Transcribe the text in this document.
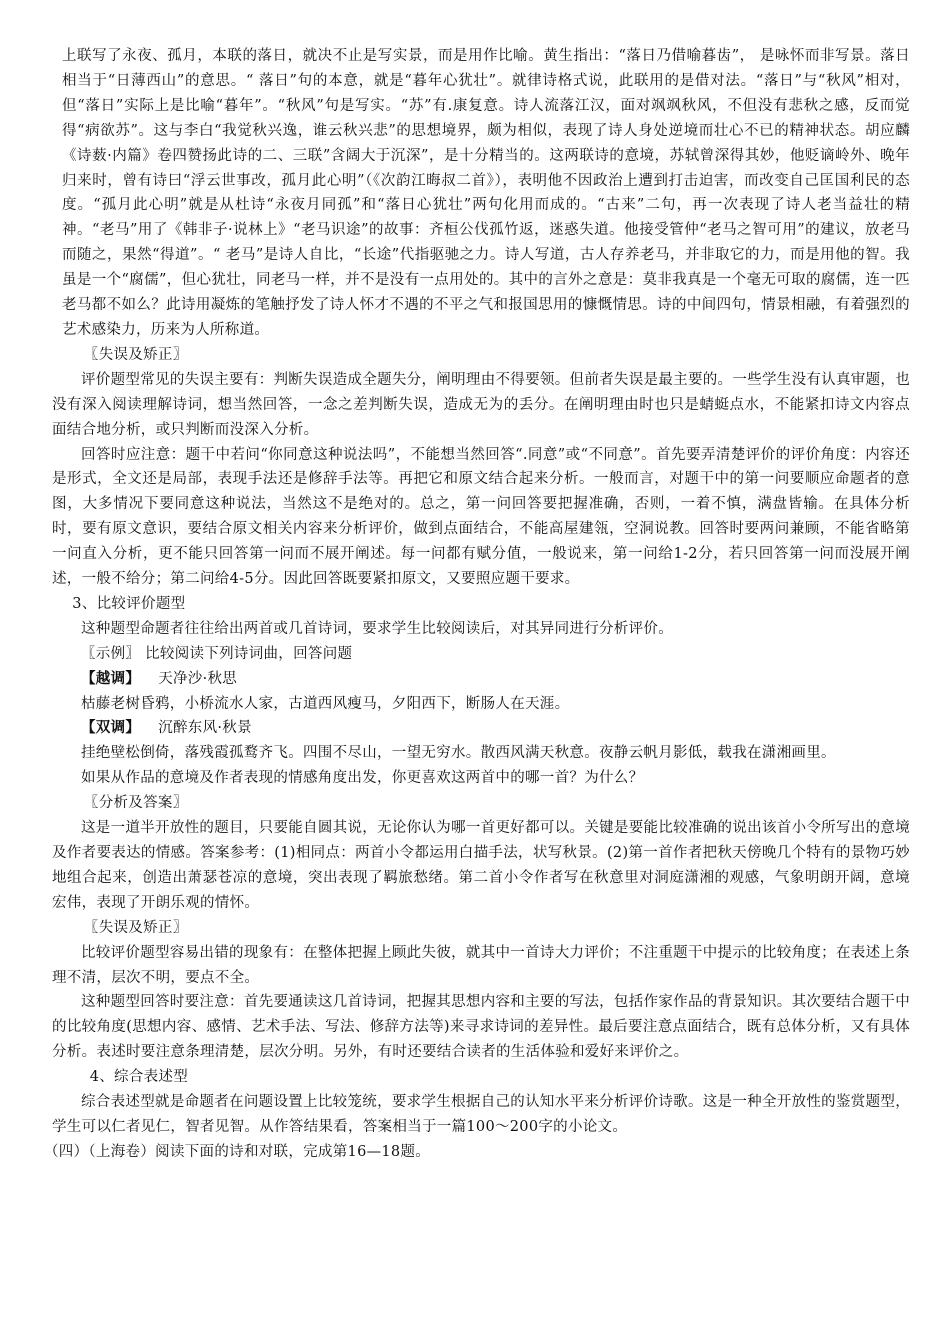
上联写了永夜、孤月，本联的落日，就决不止是写实景，而是用作比喻。黄生指出：“落日乃借喻暮齿”， 是咏怀而非写景。落日相当于“日薄西山”的意思。“ 落日”句的本意，就是“暮年心犹壮”。就律诗格式说，此联用的是借对法。“落日”与“秋风”相对， 但“落日”实际上是比喻“暮年”。“秋风”句是写实。“苏”有.康复意。诗人流落江汉，面对飒飒秋风，不但没有悲秋之感，反而觉得“病欲苏”。这与李白“我觉秋兴逸，谁云秋兴悲”的思想境界，颇为相似，表现了诗人身处逆境而壮心不已的精神状态。胡应麟《诗薮·内篇》卷四赞扬此诗的二、三联”含阔大于沉深”，是十分精当的。这两联诗的意境，苏轼曾深得其妙，他贬谪岭外、晚年归来时，曾有诗曰“浮云世事改，孤月此心明”（《次韵江晦叔二首》），表明他不因政治上遭到打击迫害，而改变自己匡国利民的态度。“孤月此心明”就是从杜诗“永夜月同孤”和“落日心犹壮”两句化用而成的。“古来”二句，再一次表现了诗人老当益壮的精神。“老马”用了《韩非子·说林上》“老马识途”的故事：齐桓公伐孤竹返，迷惑失道。他接受管仲“老马之智可用”的建议，放老马而随之，果然“得道”。“ 老马”是诗人自比，“长途”代指驱驰之力。诗人写道，古人存养老马，并非取它的力，而是用他的智。我虽是一个“腐儒”，但心犹壮，同老马一样，并不是没有一点用处的。其中的言外之意是：莫非我真是一个毫无可取的腐儒，连一匹老马都不如么？此诗用凝炼的笔触抒发了诗人怀才不遇的不平之气和报国思用的慷慨情思。诗的中间四句，情景相融，有着强烈的艺术感染力，历来为人所称道。

〖失误及矫正〗

评价题型常见的失误主要有：判断失误造成全题失分，阐明理由不得要领。但前者失误是最主要的。一些学生没有认真审题，也没有深入阅读理解诗词，想当然回答，一念之差判断失误，造成无为的丢分。在阐明理由时也只是蜻蜓点水，不能紧扣诗文内容点面结合地分析，或只判断而没深入分析。

回答时应注意：题干中若问“你同意这种说法吗”，不能想当然回答“.同意”或“不同意”。首先要弄清楚评价的评价角度：内容还是形式，全文还是局部，表现手法还是修辞手法等。再把它和原文结合起来分析。一般而言，对题干中的第一问要顺应命题者的意图，大多情况下要同意这种说法，当然这不是绝对的。总之，第一问回答要把握准确，否则，一着不慎，满盘皆输。在具体分析时，要有原文意识，要结合原文相关内容来分析评价，做到点面结合，不能高屋建瓴，空洞说教。回答时要两问兼顾，不能省略第一问直入分析，更不能只回答第一问而不展开阐述。每一问都有赋分值，一般说来，第一问给1-2分，若只回答第一问而没展开阐述，一般不给分；第二问给4-5分。因此回答既要紧扣原文，又要照应题干要求。

3、比较评价题型

这种题型命题者往往给出两首或几首诗词，要求学生比较阅读后，对其异同进行分析评价。

〖示例〗 比较阅读下列诗词曲，回答问题

【越调】 天净沙·秋思

枯藤老树昏鸦，小桥流水人家，古道西风瘦马，夕阳西下，断肠人在天涯。

【双调】 沉醉东风·秋景

挂绝壁松倒倚，落残霞孤鹜齐飞。四围不尽山，一望无穷水。散西风满天秋意。夜静云帆月影低，载我在潇湘画里。

如果从作品的意境及作者表现的情感角度出发，你更喜欢这两首中的哪一首？为什么？

〖分析及答案〗

这是一道半开放性的题目，只要能自圆其说，无论你认为哪一首更好都可以。关键是要能比较准确的说出该首小令所写出的意境及作者要表达的情感。答案参考：(1)相同点：两首小令都运用白描手法，状写秋景。(2)第一首作者把秋天傍晚几个特有的景物巧妙地组合起来，创造出萧瑟苍凉的意境，突出表现了羁旅愁绪。第二首小令作者写在秋意里对洞庭潇湘的观感，气象明朗开阔，意境宏伟，表现了开朗乐观的情怀。

〖失误及矫正〗

比较评价题型容易出错的现象有：在整体把握上顾此失彼，就其中一首诗大力评价；不注重题干中提示的比较角度；在表述上条理不清，层次不明，要点不全。

这种题型回答时要注意：首先要通读这几首诗词，把握其思想内容和主要的写法，包括作家作品的背景知识。其次要结合题干中的比较角度(思想内容、感情、艺术手法、写法、修辞方法等)来寻求诗词的差异性。最后要注意点面结合，既有总体分析，又有具体分析。表述时要注意条理清楚，层次分明。另外，有时还要结合读者的生活体验和爱好来评价之。

4、综合表述型

综合表述型就是命题者在问题设置上比较笼统，要求学生根据自己的认知水平来分析评价诗歌。这是一种全开放性的鉴赏题型，学生可以仁者见仁，智者见智。从作答结果看，答案相当于一篇100～200字的小论文。

（四）（上海卷）阅读下面的诗和对联，完成第16—18题。
